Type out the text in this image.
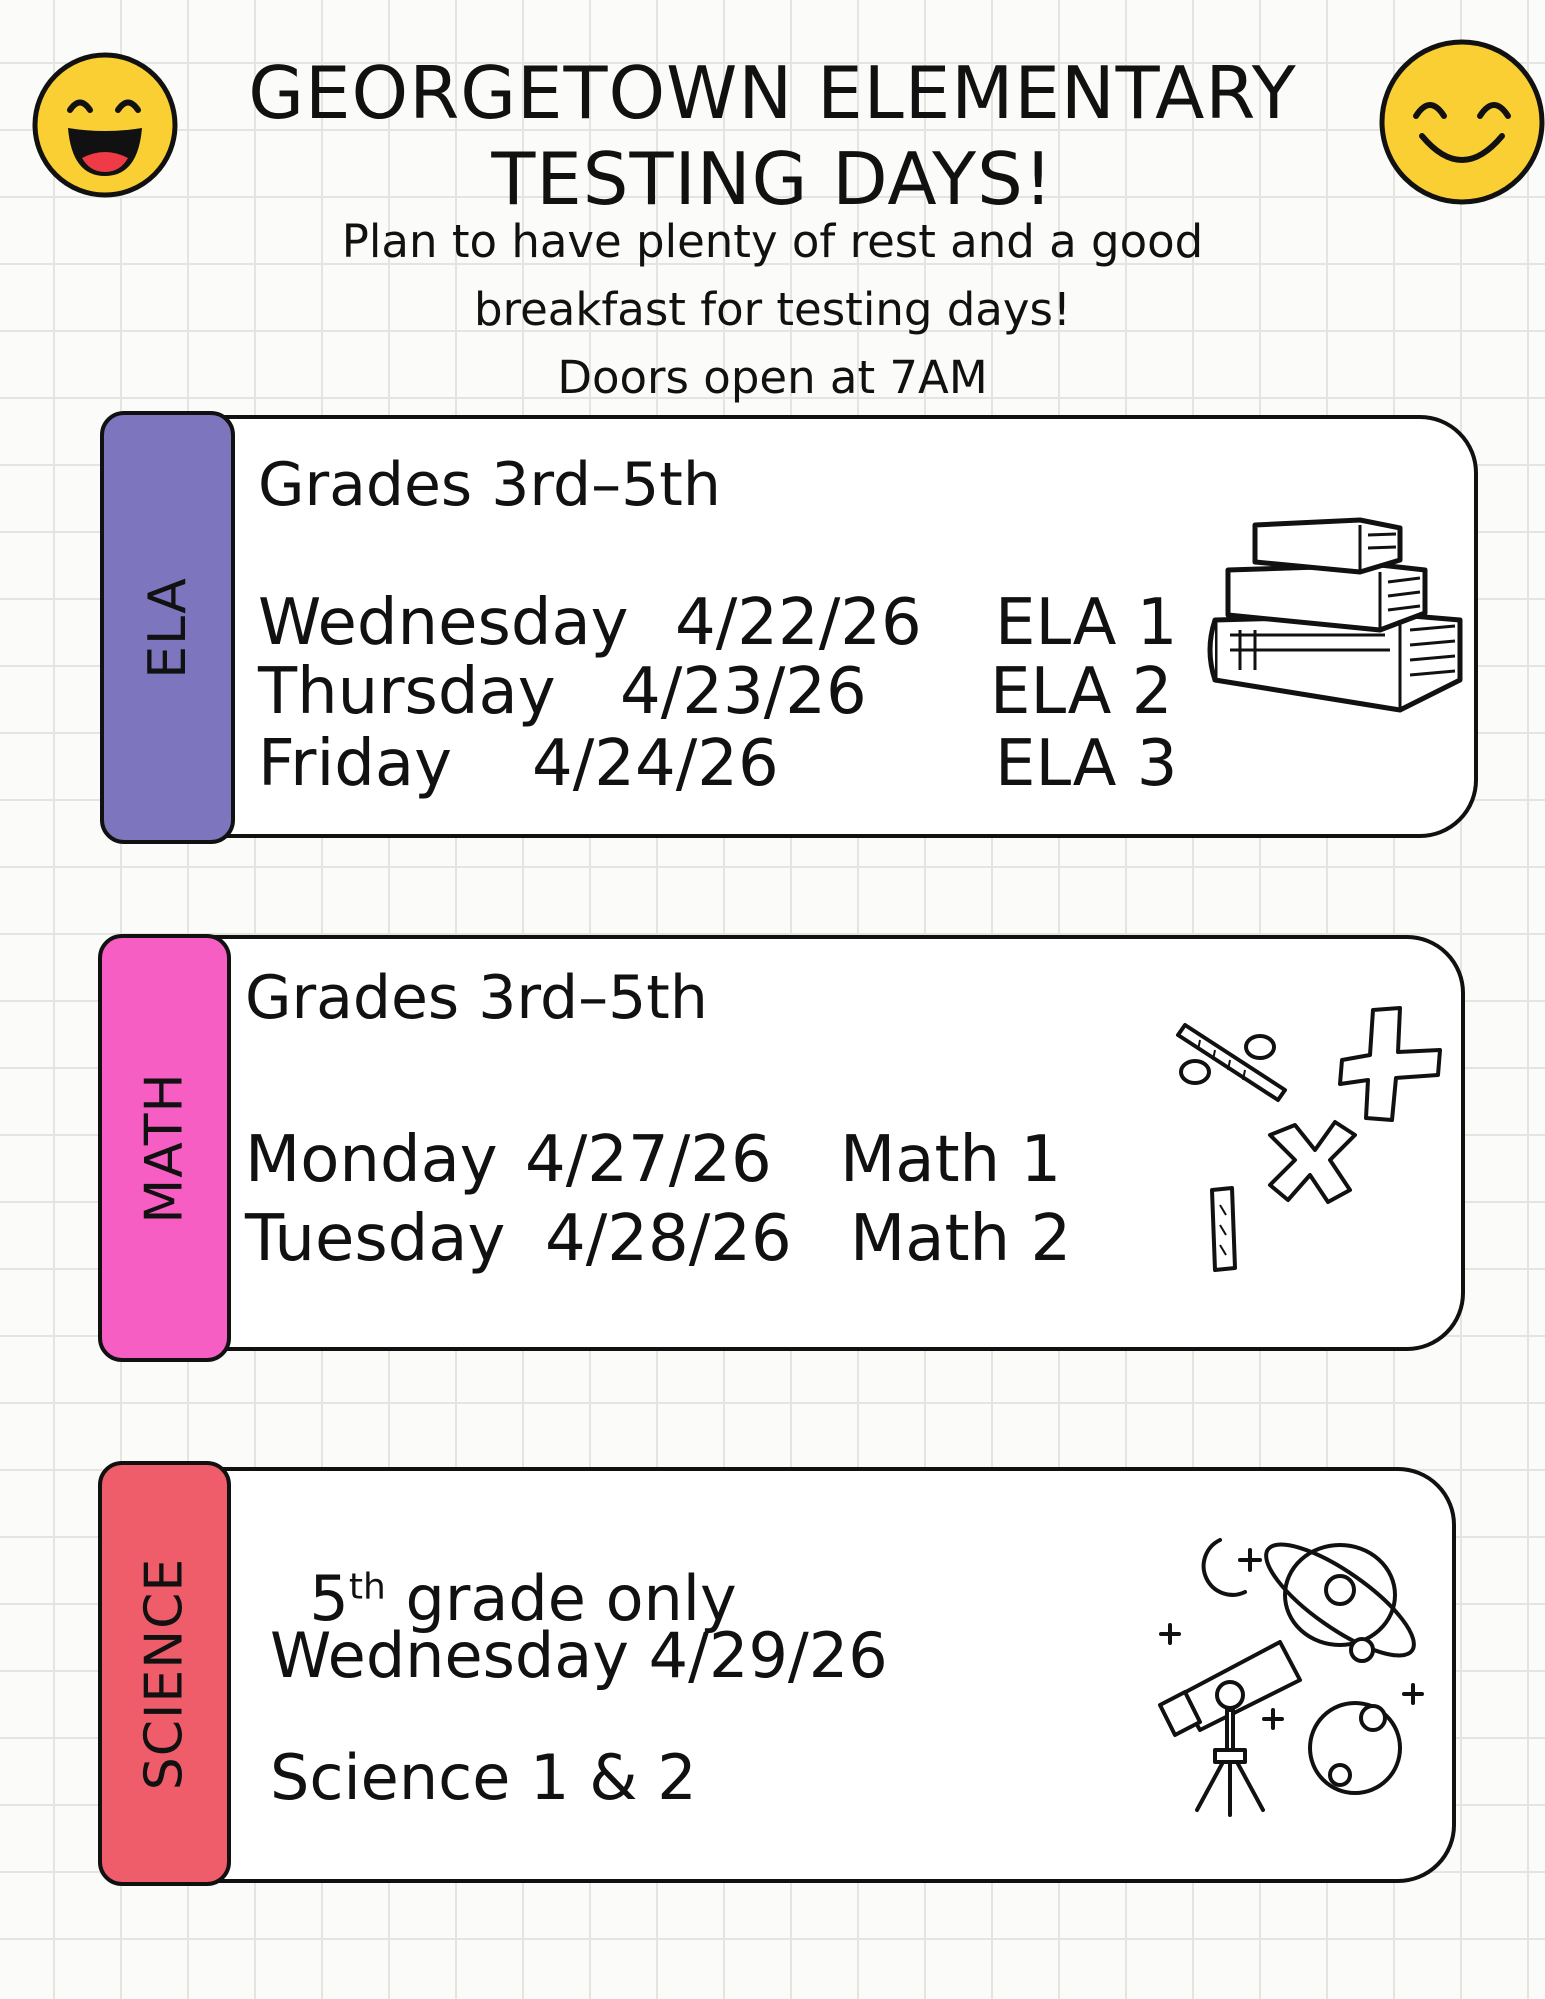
GEORGETOWN ELEMENTARY
TESTING DAYS!
Plan to have plenty of rest and a good
breakfast for testing days!
Doors open at 7AM
ELA
Grades 3rd–5th
Wednesday 4/22/26 ELA 1
Thursday 4/23/26 ELA 2
Friday 4/24/26	ELA 3
MATH
Grades 3rd–5th
Monday 4/27/26 Math 1
Tuesday 4/28/26 Math 2
SCIENCE	5th grade only

Wednesday 4/29/26
Science 1 & 2
